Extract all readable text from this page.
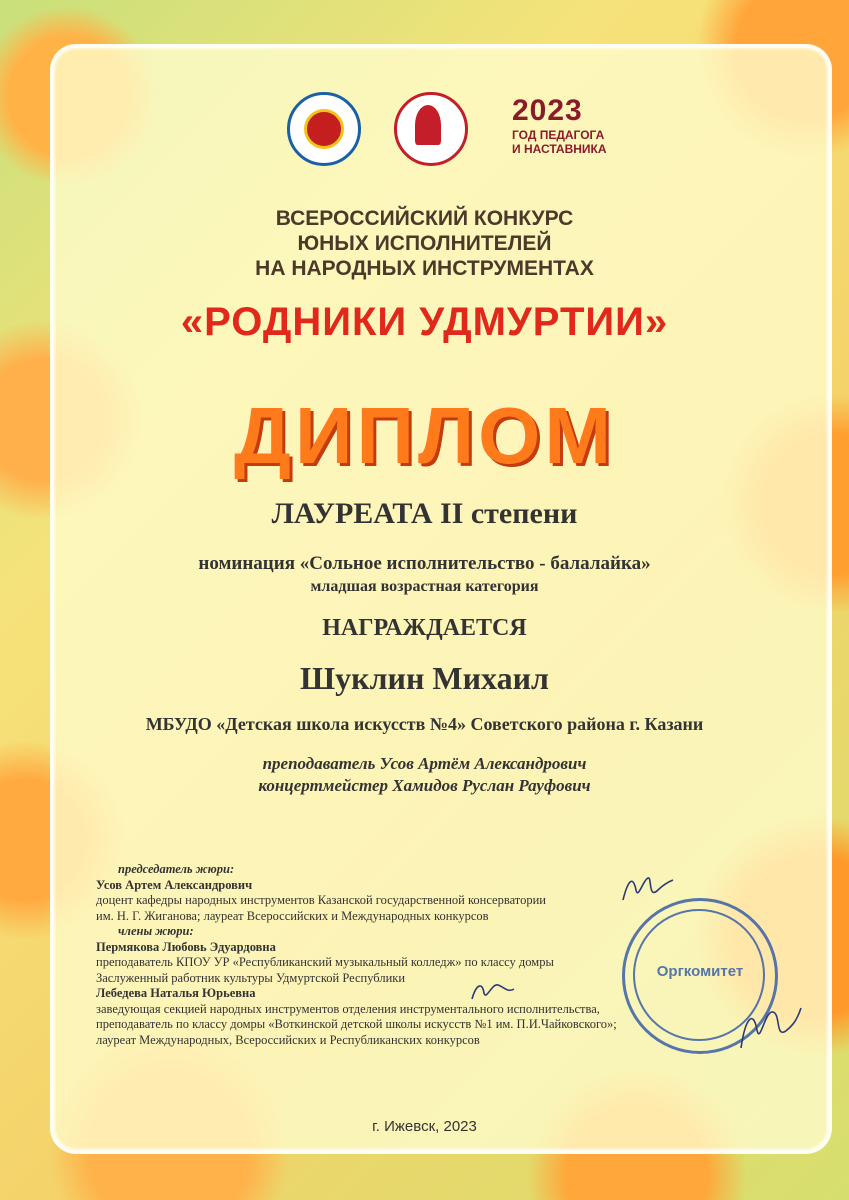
2023
ГОД ПЕДАГОГА
И НАСТАВНИКА
ВСЕРОССИЙСКИЙ КОНКУРС
ЮНЫХ ИСПОЛНИТЕЛЕЙ
НА НАРОДНЫХ ИНСТРУМЕНТАХ
«РОДНИКИ УДМУРТИИ»
ДИПЛОМ
ЛАУРЕАТА II степени
номинация «Сольное исполнительство - балалайка»
младшая возрастная категория
НАГРАЖДАЕТСЯ
Шуклин Михаил
МБУДО «Детская школа искусств №4» Советского района г. Казани
преподаватель Усов Артём Александрович
концертмейстер Хамидов Руслан Рауфович
председатель жюри:
Усов Артем Александрович
доцент кафедры народных инструментов Казанской государственной консерватории
им. Н. Г. Жиганова; лауреат Всероссийских и Международных конкурсов
члены жюри:
Пермякова Любовь Эдуардовна
преподаватель КПОУ УР «Республиканский музыкальный колледж» по классу домры
Заслуженный работник культуры Удмуртской Республики
Лебедева Наталья Юрьевна
заведующая секцией народных инструментов отделения инструментального исполнительства,
преподаватель по классу домры «Воткинской детской школы искусств №1 им. П.И.Чайковского»;
лауреат Международных, Всероссийских и Республиканских конкурсов
Оргкомитет
г. Ижевск, 2023
